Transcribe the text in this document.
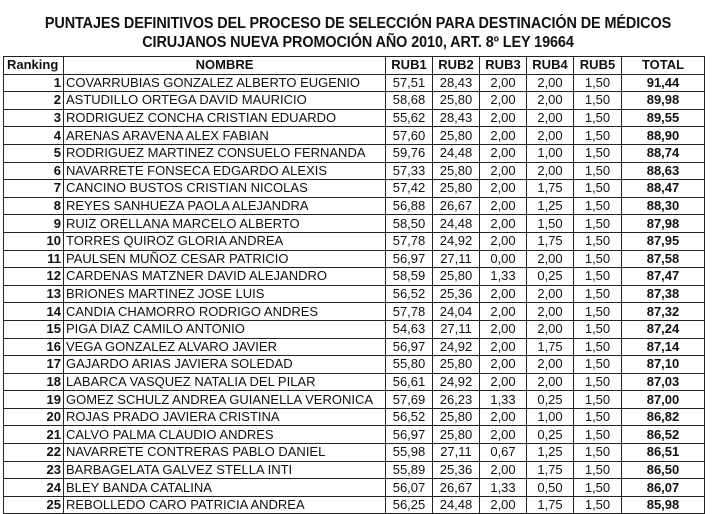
PUNTAJES DEFINITIVOS DEL PROCESO DE SELECCIÓN PARA DESTINACIÓN DE MÉDICOS
CIRUJANOS NUEVA PROMOCIÓN AÑO 2010, ART. 8º LEY 19664
Ranking	NOMBRE	RUB1	RUB2	RUB3	RUB4	RUB5	TOTAL
1	COVARRUBIAS GONZALEZ ALBERTO EUGENIO	57,51	28,43	2,00	2,00	1,50	91,44
2	ASTUDILLO ORTEGA DAVID MAURICIO	58,68	25,80	2,00	2,00	1,50	89,98
3	RODRIGUEZ CONCHA CRISTIAN EDUARDO	55,62	28,43	2,00	2,00	1,50	89,55
4	ARENAS ARAVENA ALEX FABIAN	57,60	25,80	2,00	2,00	1,50	88,90
5	RODRIGUEZ MARTINEZ CONSUELO FERNANDA	59,76	24,48	2,00	1,00	1,50	88,74
6	NAVARRETE FONSECA EDGARDO ALEXIS	57,33	25,80	2,00	2,00	1,50	88,63
7	CANCINO BUSTOS CRISTIAN NICOLAS	57,42	25,80	2,00	1,75	1,50	88,47
8	REYES SANHUEZA PAOLA ALEJANDRA	56,88	26,67	2,00	1,25	1,50	88,30
9	RUIZ ORELLANA MARCELO ALBERTO	58,50	24,48	2,00	1,50	1,50	87,98
10	TORRES QUIROZ GLORIA ANDREA	57,78	24,92	2,00	1,75	1,50	87,95
11	PAULSEN MUÑOZ CESAR PATRICIO	56,97	27,11	0,00	2,00	1,50	87,58
12	CARDENAS MATZNER DAVID ALEJANDRO	58,59	25,80	1,33	0,25	1,50	87,47
13	BRIONES MARTINEZ JOSE LUIS	56,52	25,36	2,00	2,00	1,50	87,38
14	CANDIA CHAMORRO RODRIGO ANDRES	57,78	24,04	2,00	2,00	1,50	87,32
15	PIGA DIAZ CAMILO ANTONIO	54,63	27,11	2,00	2,00	1,50	87,24
16	VEGA GONZALEZ ALVARO JAVIER	56,97	24,92	2,00	1,75	1,50	87,14
17	GAJARDO ARIAS JAVIERA SOLEDAD	55,80	25,80	2,00	2,00	1,50	87,10
18	LABARCA VASQUEZ NATALIA DEL PILAR	56,61	24,92	2,00	2,00	1,50	87,03
19	GOMEZ SCHULZ ANDREA GUIANELLA VERONICA	57,69	26,23	1,33	0,25	1,50	87,00
20	ROJAS PRADO JAVIERA CRISTINA	56,52	25,80	2,00	1,00	1,50	86,82
21	CALVO PALMA CLAUDIO ANDRES	56,97	25,80	2,00	0,25	1,50	86,52
22	NAVARRETE CONTRERAS PABLO DANIEL	55,98	27,11	0,67	1,25	1,50	86,51
23	BARBAGELATA GALVEZ STELLA INTI	55,89	25,36	2,00	1,75	1,50	86,50
24	BLEY BANDA CATALINA	56,07	26,67	1,33	0,50	1,50	86,07
25	REBOLLEDO CARO PATRICIA ANDREA	56,25	24,48	2,00	1,75	1,50	85,98
